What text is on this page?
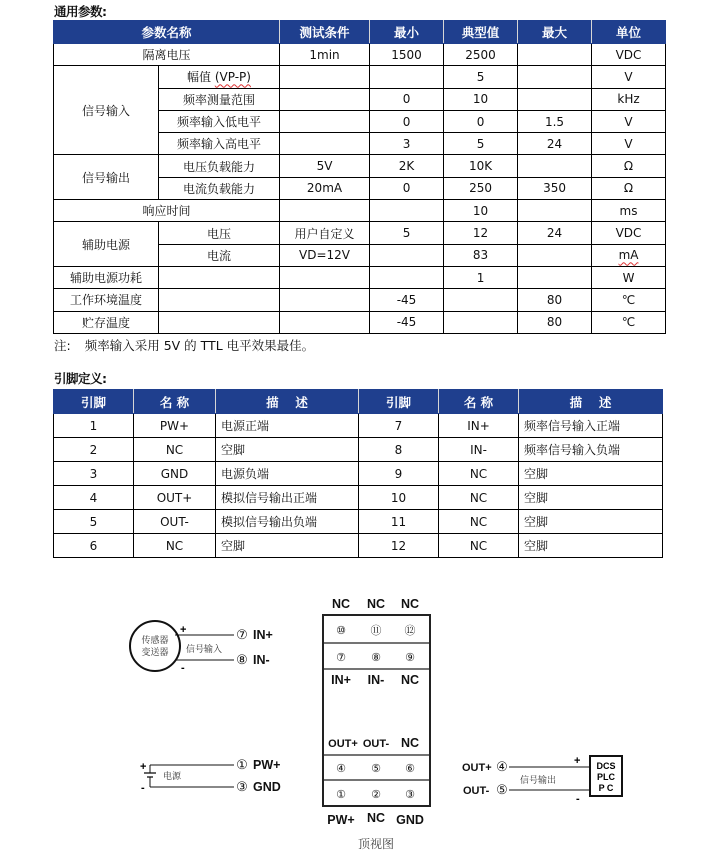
通用参数:
参数名称		测试条件	最小	典型值	最大	单位
隔离电压		1min	1500	2500		VDC
信号输入	幅值 (VP-P)			5		V
	频率测量范围		0	10		kHz
	频率输入低电平		0	0	1.5	V
	频率输入高电平		3	5	24	V
信号输出	电压负载能力	5V	2K	10K		Ω
	电流负载能力	20mA	0	250	350	Ω
响应时间				10		ms
辅助电源	电压	用户自定义	5	12	24	VDC
	电流	VD=12V		83		mA
辅助电源功耗				1		W
工作环境温度			-45		80	℃
贮存温度			-45		80	℃
注: 频率输入采用 5V 的 TTL 电平效果最佳。
引脚定义:
引脚	名 称	描　 述	引脚	名 称	描　 述
1	PW+	电源正端	7	IN+	频率信号输入正端
2	NC	空脚	8	IN-	频率信号输入负端
3	GND	电源负端	9	NC	空脚
4	OUT+	模拟信号输出正端	10	NC	空脚
5	OUT-	模拟信号输出负端	11	NC	空脚
6	NC	空脚	12	NC	空脚
NC NC NC
⑩ ⑪ ⑫
⑦ ⑧ ⑨
IN+ IN- NC
OUT+ OUT- NC
④ ⑤ ⑥
① ② ③
PW+ NC GND
顶视图
传感器
变送器
+
-
信号输入
⑦ IN+
⑧ IN-
+
-
电源
① PW+
③ GND
OUT+ ④
OUT- ⑤
+
-
信号输出
DCS
PLC
P C
